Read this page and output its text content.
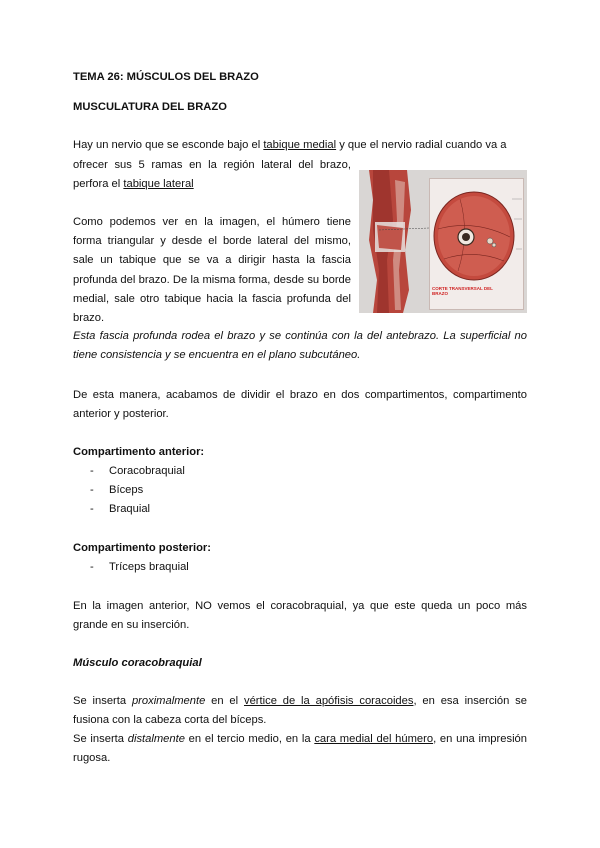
TEMA 26: MÚSCULOS DEL BRAZO

MUSCULATURA DEL BRAZO

Hay un nervio que se esconde bajo el tabique medial y que el nervio radial cuando va a

ofrecer sus 5 ramas en la región lateral del brazo,

perfora el tabique lateral

Como podemos ver en la imagen, el húmero tiene forma triangular y desde el borde lateral del mismo, sale un tabique que se va a dirigir hasta la fascia profunda del brazo. De la misma forma, desde su borde medial, sale otro tabique hacia la fascia profunda del brazo.

CORTE TRANSVERSAL DEL BRAZO

Esta fascia profunda rodea el brazo y se continúa con la del antebrazo. La superficial no tiene consistencia y se encuentra en el plano subcutáneo.

De esta manera, acabamos de dividir el brazo en dos compartimentos, compartimento anterior y posterior.

Compartimento anterior:

- Coracobraquial
- Bíceps
- Braquial

Compartimento posterior:

- Tríceps braquial

En la imagen anterior, NO vemos el coracobraquial, ya que este queda un poco más grande en su inserción.

Músculo coracobraquial

Se inserta proximalmente en el vértice de la apófisis coracoides, en esa inserción se fusiona con la cabeza corta del bíceps.

Se inserta distalmente en el tercio medio, en la cara medial del húmero, en una impresión rugosa.
